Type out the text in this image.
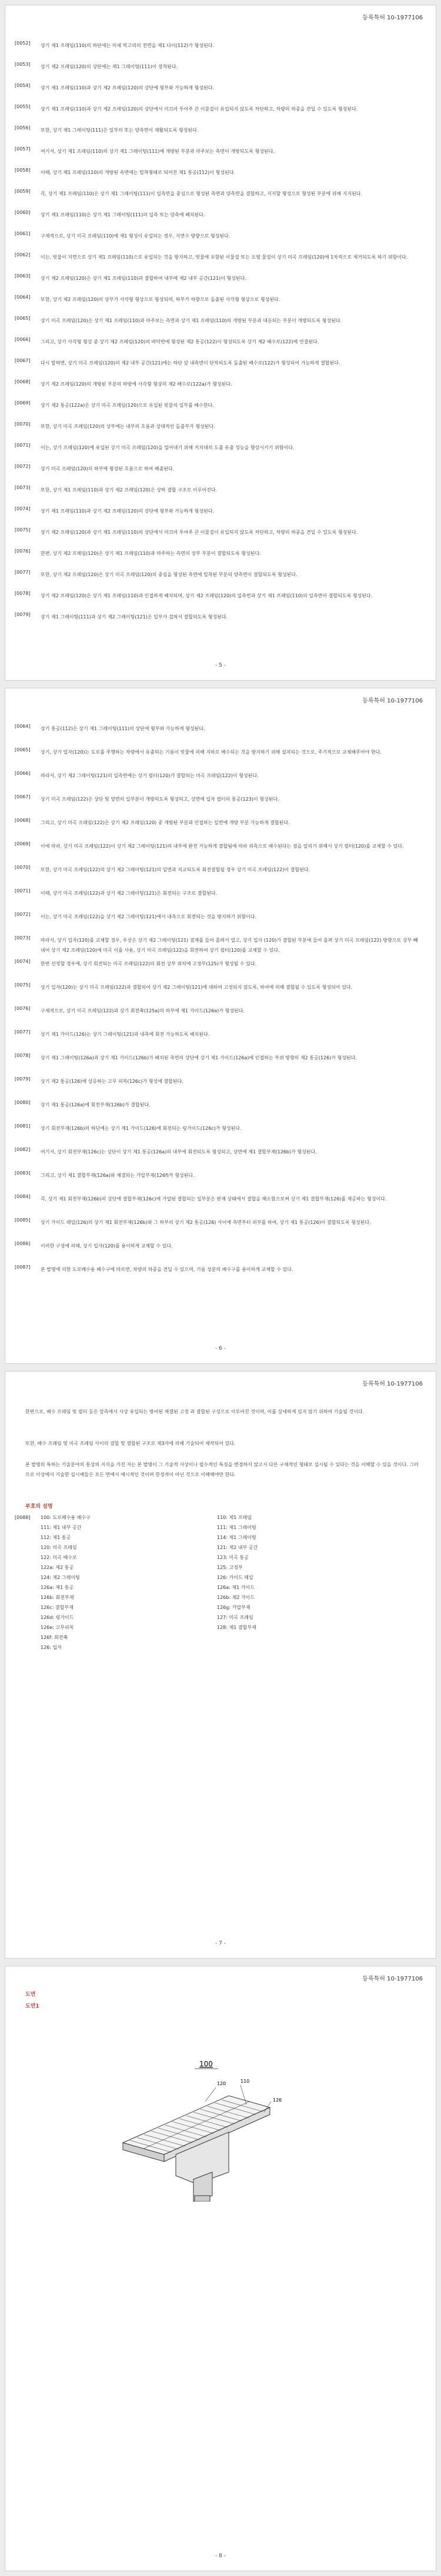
등록특허 10-1977106
[0052] 상기 제1 프레임(110)의 하단에는 미세 먹고리의 전면을 제1 다이(112)가 형성된다.
[0053] 상기 제2 프레임(120)의 상단에는 제1 그레이팅(111)이 장착된다.
[0054] 상기 제1 프레임(110)과 상기 제2 프레임(120)의 상단에 형부와 가능하게 형성된다.
[0055] 상기 제1 프레임(110)과 상기 제2 프레임(120)의 상단에서 미끄러 투어주 큰 이물질이 유입되지 않도록 차단하고, 차량의 하중을 견딜 수 있도록 형성된다.
[0056] 또한, 상기 제1 그레이팅(111)은 일부의 또는 양측면이 재활되도록 형성된다.
[0057] 여기서, 상기 제1 프레임(110)의 상기 제1 그레이팅(111)에 개방된 부분과 마주보는 측면이 개방되도록 형성된다.
[0058] 이때, 상기 제1 프레임(110)의 개방된 측면에는 밀착형태로 되어진 제1 통공(112)이 형성된다.
[0059] 즉, 상기 제1 프레임(110)은 상기 제1 그레이팅(111)이 일측면을 중심으로 형성된 측면과 양측면을 결합하고, 지지할 형성으로 형성된 부분에 위해 지지된다.
[0060] 상기 제1 프레임(110)은 상기 제1 그레이팅(111)의 일측 또는 양측에 배치된다.
[0061] 구체적으로, 상기 미곡 프레임(110)에 제1 형성이 유입되는 경우, 지면수 방향으로 형성된다.
[0062] 이는, 빗물이 지면으로 상기 제1 프레임(110)으로 유입되는 것을 방지하고, 빗물에 포함된 이물질 또는 오염 물질이 상기 미곡 프레임(120)에 1차적으로 제거되도록 하기 위함이다.
[0063] 상기 제2 프레임(120)은 상기 제1 프레임(110)과 결합하여 내부에 제2 내부 공간(121)이 형성된다.
[0064] 또한, 상기 제2 프레임(120)의 상부가 사각형 형상으로 형성되며, 하부가 하향으로 돌출된 사각형 형상으로 형성된다.
[0065] 상기 미곡 프레임(120)은 상기 제1 프레임(110)과 마주보는 측면과 상기 제1 프레임(110)의 개방된 부분과 대응되는 부분이 개방되도록 형성된다.
[0066] 그리고, 상기 사각형 형상 중 상기 제2 프레임(120)의 바닥면에 형성된 제2 통공(122)이 형성되도록 상기 제2 배수로(122)에 연결된다.
[0067] 다시 말하면, 상기 미곡 프레임(120)의 제2 내부 공간(121)에는 하단 앞 내측면이 단차되도록 돌출된 배수로(122)가 형성되어 가능하게 결합된다.
[0068] 상기 제2 프레임(120)의 개방된 부분의 하방에 사각형 형상의 제2 배수로(122a)가 형성된다.
[0069] 상기 제2 통공(122a)은 상기 미곡 프레임(120)으로 유입된 빗물의 일부를 배수한다.
[0070] 또한, 상기 미곡 프레임(120)의 상부에는 내부의 흐름과 상대적인 돌출부가 형성된다.
[0071] 이는, 상기 프레임(120)에 유입된 상기 미곡 프레임(120)을 밀어내기 위해 거치대의 도출 유출 성능을 향상시키기 위함이다.
[0072] 상기 미곡 프레임(120)의 하부에 형성된 흐름으로 하여 배출된다.
[0073] 또한, 상기 제1 프레임(110)과 상기 제2 프레임(120)은 상하 결합 구조로 이루어진다.
[0074] 상기 제1 프레임(110)과 상기 제2 프레임(120)의 상단에 형부와 가능하게 형성된다.
[0075] 상기 제2 프레임(120)과 상기 제1 프레임(110)의 상단에서 미끄러 투어주 큰 이물질이 유입되지 않도록 차단하고, 차량의 하중을 견딜 수 있도록 형성된다.
[0076] 한편, 상기 제2 프레임(120)은 상기 제1 프레임(110)과 마주하는 측면의 상부 부분이 결합되도록 형성된다.
[0077] 또한, 상기 제2 프레임(120)은 상기 미곡 프레임(120)의 중심을 형성된 측면에 밀착된 부분의 양측면이 결합되도록 형성된다.
[0078] 상기 제2 프레임(120)은 상기 제1 프레임(110)과 인접하게 배치되며, 상기 제2 프레임(120)의 일측면과 상기 제1 프레임(110)의 일측면이 결합되도록 형성된다.
[0079] 상기 제1 그레이팅(111)과 상기 제2 그레이팅(121)은 일부가 겹쳐서 결합되도록 형성된다.
- 5 -
등록특허 10-1977106
[0064] 상기 통공(112)은 상기 제1 그레이팅(111)의 상단에 형부와 가능하게 형성된다.
[0065] 상기, 상기 입자(120)는 도로를 주행하는 차량에서 유출되는 기름이 빗물에 의해 지하로 배수되는 것을 방지하기 위해 설치되는 것으로, 주기적으로 교체해주어야 한다.
[0066] 따라서, 상기 제2 그레이팅(121)의 일측면에는 상기 필터(120)가 결합되는 미곡 프레임(122)이 형성된다.
[0067] 상기 미곡 프레임(122)은 상단 및 양면의 일부분이 개방되도록 형성되고, 상면에 입자 필터의 통공(123)이 형성된다.
[0068] 그리고, 상기 미곡 프레임(122)은 상기 제2 프레임(120) 중 개방된 부분과 인접하는 일면에 개방 부분 가능하게 결합된다.
[0069] 이에 따라, 상기 미곡 프레임(122)이 상기 제2 그레이팅(121)의 내부에 완전 가능하게 결합됨에 따라 외측으로 배수된다는 점을 알리기 위해서 상기 필터(120)를 교체할 수 있다.
[0070] 또한, 상기 미곡 프레임(122)의 상기 제2 그레이팅(121)의 일면과 직교되도록 회전결합될 경우 상기 미곡 프레임(122)이 결합된다.
[0071] 이때, 상기 미곡 프레임(122)과 상기 제2 그레이팅(121)은 회전되는 구조로 결합된다.
[0072] 이는, 상기 미곡 프레임(122)을 상기 제2 그레이팅(121)에서 내측으로 회전되는 것을 방지하기 위함이다.
[0073] 따라서, 상기 입자(120)를 교체할 경우, 우선은 상기 제2 그레이팅(121) 결재를 들어 올려서 열고, 상기 입자 (120)가 결합된 부분에 들어 올려 상기 미곡 프레임(122) 방향으로 상부 빼내어 상기 제2 프레임(120)에 미곡 이를 사용, 상기 미곡 프레임(122)을 회전하여 상기 필터(120)를 교체할 수 있다.
[0074] 한편 선정할 경우에, 상기 회전되는 미곡 프레임(122)의 회전 상부 위치에 고정부(125)가 형성될 수 있다.
[0075] 상기 입자(120)는 상기 미곡 프레임(122)과 결합되어 상기 제2 그레이팅(121)에 대하여 고정되지 않도록, 하여에 의해 결합될 수 있도록 형성되어 있다.
[0076] 구체적으로, 상기 미곡 프레임(122)과 상기 회전축(125a)의 하부에 제1 가이드(126a)가 형성된다.
[0077] 상기 제1 가이드(126)는 상기 그레이팅(121)과 내측에 회전 가능하도록 배치된다.
[0078] 상기 제1 그레이팅(126a)과 상기 제1 가이드(126b)가 배치된 측면의 상단에 상기 제1 가이드(126a)에 인접하는 부위 방향의 제2 통공(126)가 형성된다.
[0079] 상기 제2 통공(126)에 상응하는 고무 피복(126c)가 형성에 결합된다.
[0080] 상기 제1 통공(126a)에 회전부재(126b)가 결합된다.
[0081] 상기 회전부재(126b)의 하단에는 상기 제1 가이드(126)에 회전되는 링가이드(126c)가 형성된다.
[0082] 여기서, 상기 회전부재(126c)는 상단이 상기 제1 통공(126a)의 내부에 회전되도록 형성되고, 상면에 제1 결합부재(126b)가 형성된다.
[0083] 그리고, 상기 제1 결합부재(126a)와 체결되는 가압부재(126f)가 형성된다.
[0084] 즉, 상기 제1 회전부재(126b)의 상단에 결합부재(126c)에 가압된 결합되는 일부분은 판재 상태에서 결합을 해소함으로써 상기 제1 결합부재(126)를 제공하는 형성이다.
[0085] 상기 가이드 레일(126)의 상기 제1 회전부재(126b)와 그 하부의 상기 제2 통공(126) 사이에 측면부터 외부를 하여, 상기 제1 통공(126)이 결합되도록 형성된다.
[0086] 이러한 구성에 의해, 상기 입자(120)를 용이하게 교체할 수 있다.
[0087] 본 발명에 의한 도로배수용 배수구에 따르면, 차량의 하중을 견딜 수 있으며, 기름 성분의 배수구를 용이하게 교체할 수 있다.
- 6 -
등록특허 10-1977106
한편으로, 배수 프레임 및 필터 등은 앞측에서 사상 유입되는 방어된 체결된 고정 과 결합된 구성으로 이루어진 것이며, 이를 상세하게 있지 않기 위하여 기술될 것이다.
또한, 배수 프레임 및 미곡 프레임 사이의 결합 및 결합된 구조로 제3자에 의해 기술되어 제작되어 있다.
본 발명의 특허는 기술분야의 통상의 지식을 가진 자는 본 발명이 그 기술적 사상이나 필수적인 특징을 변경하지 않고서 다른 구체적인 형태로 실시될 수 있다는 것을 이해할 수 있을 것이다. 그러므로 이상에서 기술한 실시예들은 모든 면에서 예시적인 것이며 한정적이 아닌 것으로 이해해야만 한다.
부호의 설명
[0088] 100: 도로배수용 배수구
111: 제1 내부 공간
112: 제1 통공
120: 미곡 프레임
122: 미곡 배수로
122a: 제2 통공
124: 제2 그레이팅
126a: 제1 통공
126b: 회전부재
126c: 결합부재
126d: 링가이드
126e: 고무피복
126f: 회전축
126: 입자
110: 제1 프레임
111: 제1 그레이팅
114: 제1 그레이팅
121: 제2 내부 공간
123: 미곡 통공
125: 고정부
126: 가이드 레일
126a: 제1 가이드
126b: 제2 가이드
126g: 가압부재
127: 미곡 프레임
128: 제1 결합부재
- 7 -
등록특허 10-1977106
도면
도면1
100
120	110
126
- 8 -
